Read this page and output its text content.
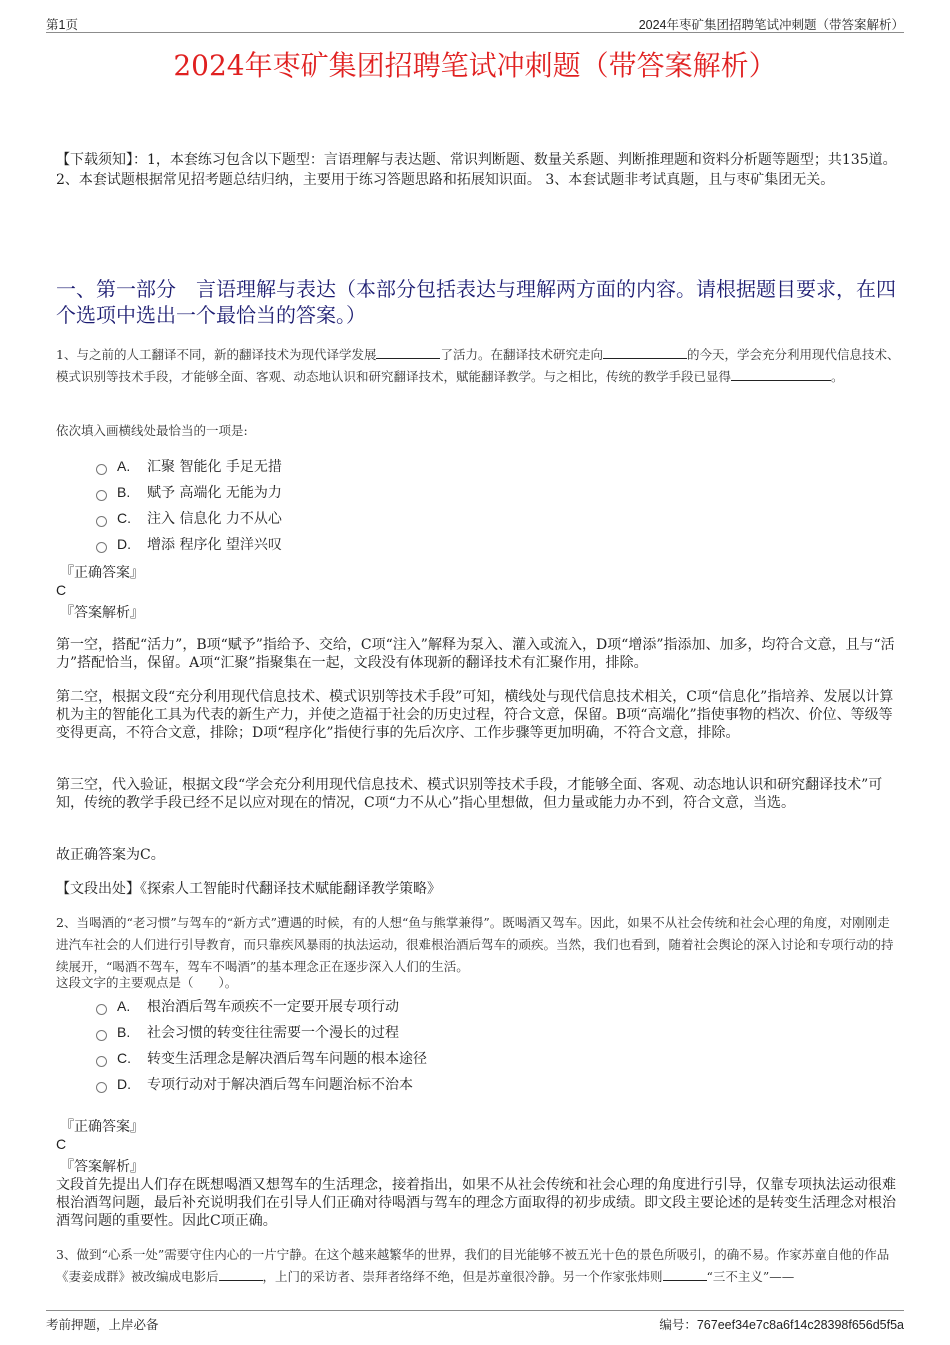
第1页	2024年枣矿集团招聘笔试冲刺题（带答案解析）
2024年枣矿集团招聘笔试冲刺题（带答案解析）
【下载须知】：1，本套练习包含以下题型：言语理解与表达题、常识判断题、数量关系题、判断推理题和资料分析题等题型；共135道。 2、本套试题根据常见招考题总结归纳，主要用于练习答题思路和拓展知识面。 3、本套试题非考试真题，且与枣矿集团无关。
一、第一部分　言语理解与表达（本部分包括表达与理解两方面的内容。请根据题目要求，在四个选项中选出一个最恰当的答案。）
1、与之前的人工翻译不同，新的翻译技术为现代译学发展	了活力。在翻译技术研究走向	的今天，学会充分利用现代信息技术、模式识别等技术手段，才能够全面、客观、动态地认识和研究翻译技术，赋能翻译教学。与之相比，传统的教学手段已显得	。
依次填入画横线处最恰当的一项是:
A. 汇聚 智能化 手足无措
B. 赋予 高端化 无能为力
C. 注入 信息化 力不从心
D. 增添 程序化 望洋兴叹
『正确答案』
C
『答案解析』
第一空，搭配“活力”，B项“赋予”指给予、交给，C项“注入”解释为泵入、灌入或流入，D项“增添”指添加、加多，均符合文意，且与“活力”搭配恰当，保留。A项“汇聚”指聚集在一起，文段没有体现新的翻译技术有汇聚作用，排除。
第二空，根据文段“充分利用现代信息技术、模式识别等技术手段”可知，横线处与现代信息技术相关，C项“信息化”指培养、发展以计算机为主的智能化工具为代表的新生产力，并使之造福于社会的历史过程，符合文意，保留。B项“高端化”指使事物的档次、价位、等级等变得更高，不符合文意，排除；D项“程序化”指使行事的先后次序、工作步骤等更加明确，不符合文意，排除。
第三空，代入验证，根据文段“学会充分利用现代信息技术、模式识别等技术手段，才能够全面、客观、动态地认识和研究翻译技术”可知，传统的教学手段已经不足以应对现在的情况，C项“力不从心”指心里想做，但力量或能力办不到，符合文意，当选。
故正确答案为C。
【文段出处】《探索人工智能时代翻译技术赋能翻译教学策略》
2、当喝酒的“老习惯”与驾车的“新方式”遭遇的时候，有的人想“鱼与熊掌兼得”。既喝酒又驾车。因此，如果不从社会传统和社会心理的角度，对刚刚走进汽车社会的人们进行引导教育，而只靠疾风暴雨的执法运动，很难根治酒后驾车的顽疾。当然，我们也看到，随着社会舆论的深入讨论和专项行动的持续展开，“喝酒不驾车，驾车不喝酒”的基本理念正在逐步深入人们的生活。
这段文字的主要观点是（　　）。
A. 根治酒后驾车顽疾不一定要开展专项行动
B. 社会习惯的转变往往需要一个漫长的过程
C. 转变生活理念是解决酒后驾车问题的根本途径
D. 专项行动对于解决酒后驾车问题治标不治本
『正确答案』
C
『答案解析』
文段首先提出人们存在既想喝酒又想驾车的生活理念，接着指出，如果不从社会传统和社会心理的角度进行引导，仅靠专项执法运动很难根治酒驾问题，最后补充说明我们在引导人们正确对待喝酒与驾车的理念方面取得的初步成绩。即文段主要论述的是转变生活理念对根治酒驾问题的重要性。因此C项正确。
3、做到“心系一处”需要守住内心的一片宁静。在这个越来越繁华的世界，我们的目光能够不被五光十色的景色所吸引，的确不易。作家苏童自他的作品《妻妾成群》被改编成电影后	，上门的采访者、崇拜者络绎不绝，但是苏童很冷静。另一个作家张炜则	“三不主义”——
考前押题，上岸必备	编号：767eef34e7c8a6f14c28398f656d5f5a
